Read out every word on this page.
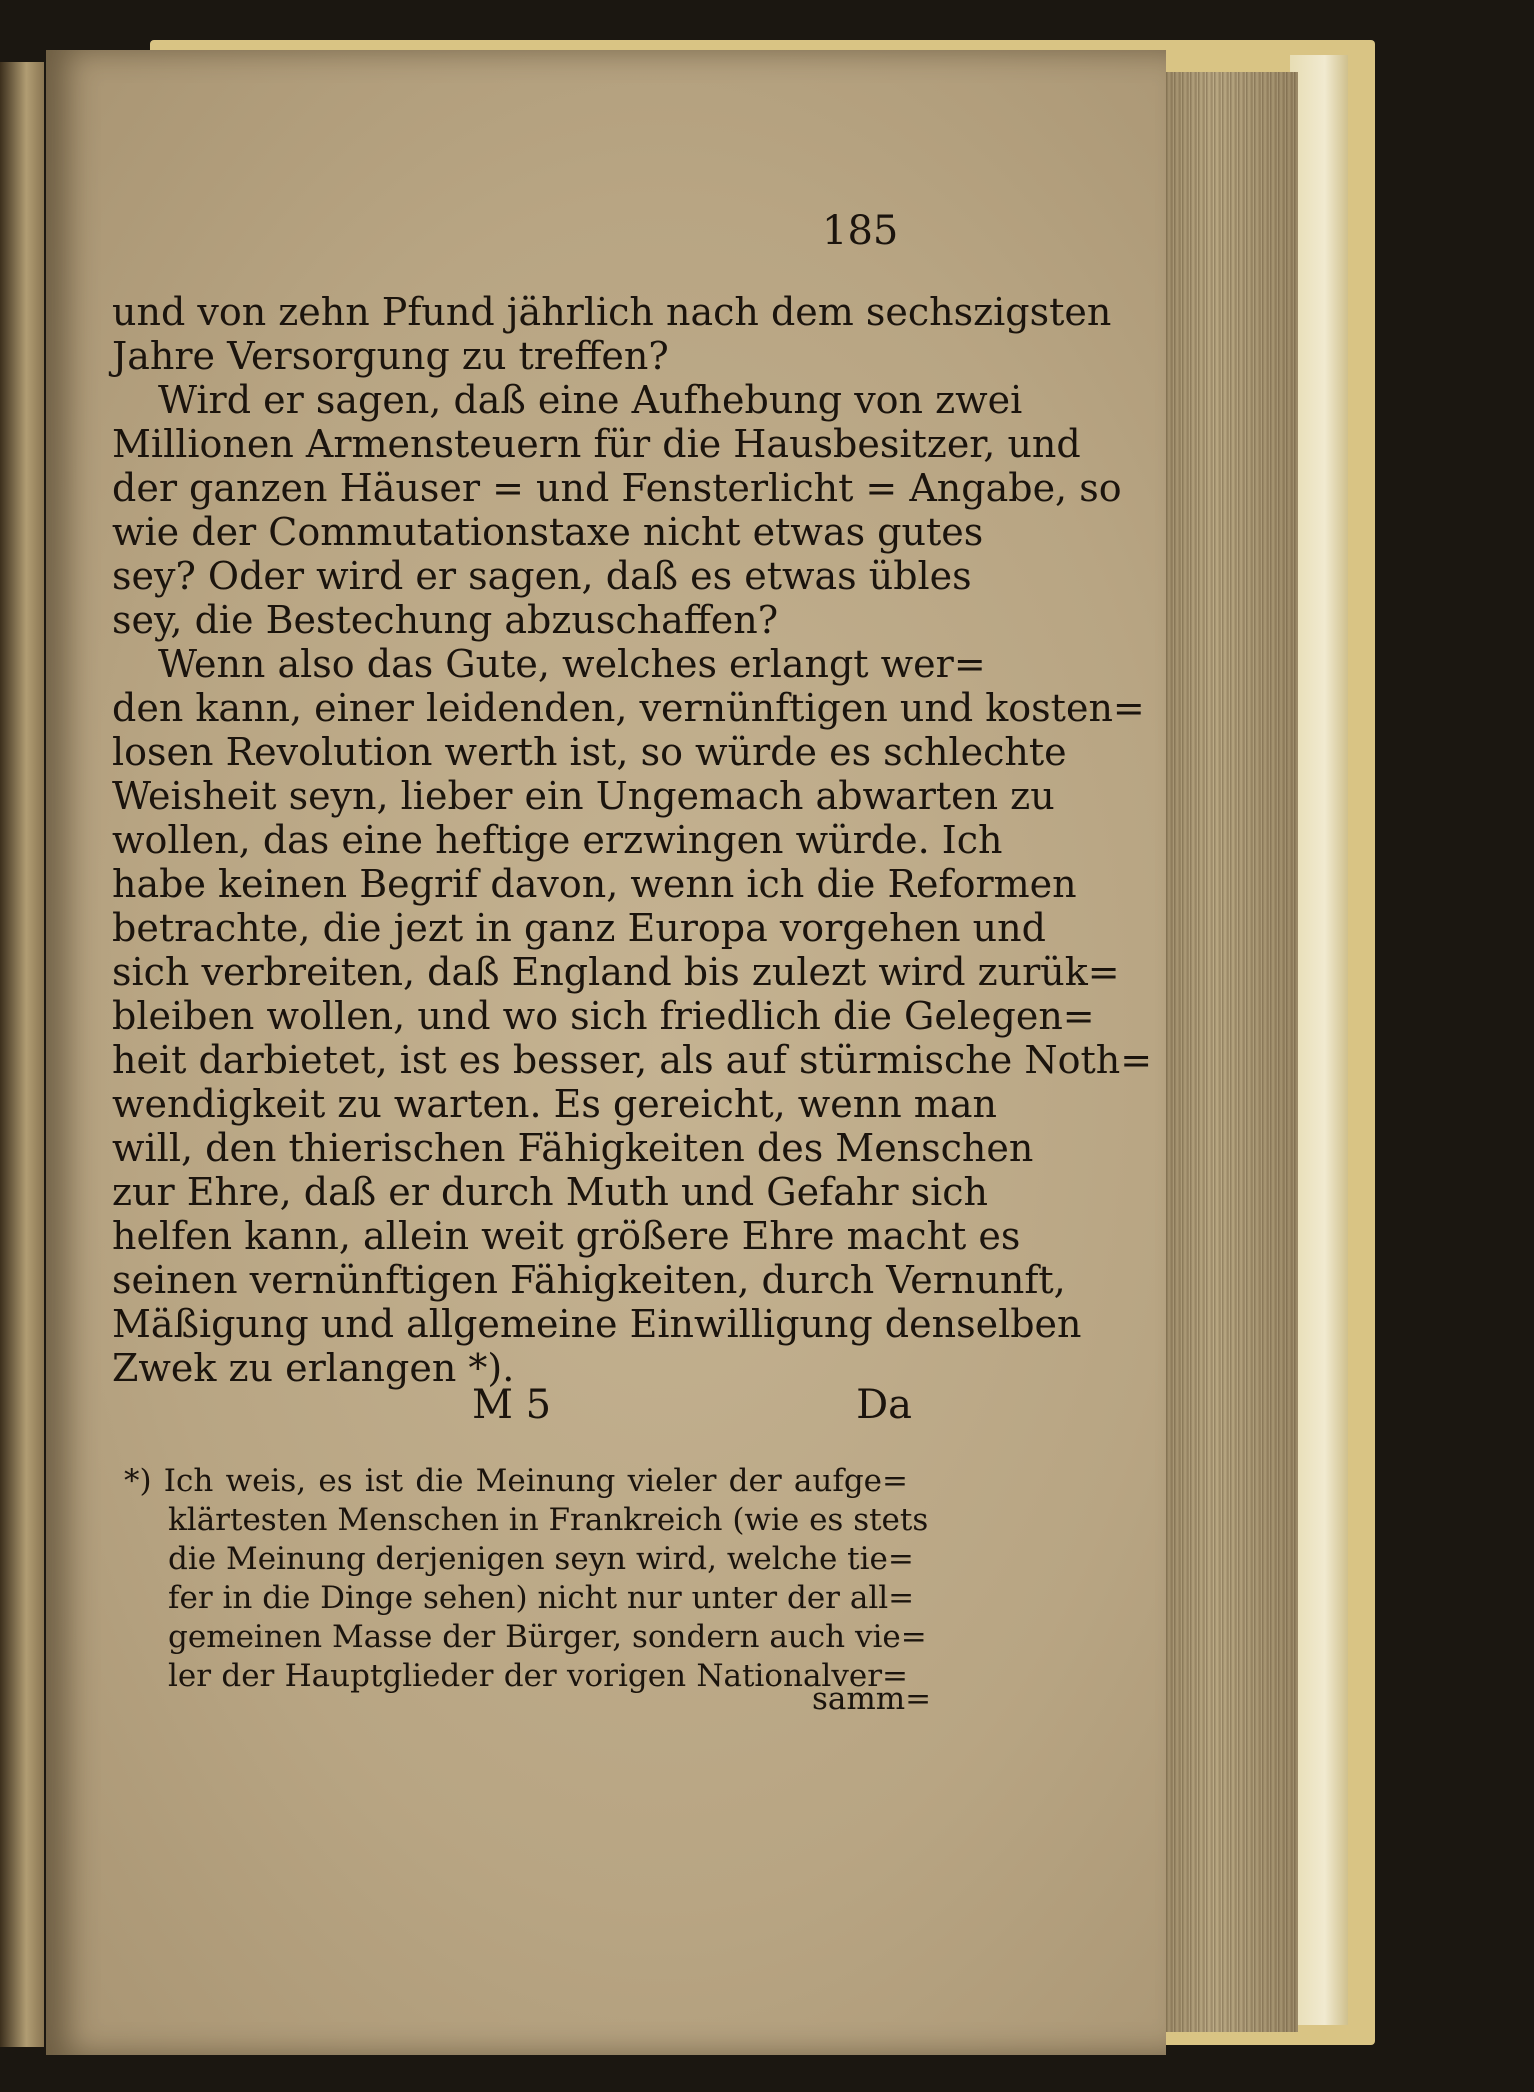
185
und von zehn Pfund jährlich nach dem sechszigsten
Jahre Versorgung zu treffen?
Wird er sagen, daß eine Aufhebung von zwei
Millionen Armensteuern für die Hausbesitzer, und
der ganzen Häuser = und Fensterlicht = Angabe, so
wie der Commutationstaxe nicht etwas gutes
sey? Oder wird er sagen, daß es etwas übles
sey, die Bestechung abzuschaffen?
Wenn also das Gute, welches erlangt wer=
den kann, einer leidenden, vernünftigen und kosten=
losen Revolution werth ist, so würde es schlechte
Weisheit seyn, lieber ein Ungemach abwarten zu
wollen, das eine heftige erzwingen würde. Ich
habe keinen Begrif davon, wenn ich die Reformen
betrachte, die jezt in ganz Europa vorgehen und
sich verbreiten, daß England bis zulezt wird zurük=
bleiben wollen, und wo sich friedlich die Gelegen=
heit darbietet, ist es besser, als auf stürmische Noth=
wendigkeit zu warten. Es gereicht, wenn man
will, den thierischen Fähigkeiten des Menschen
zur Ehre, daß er durch Muth und Gefahr sich
helfen kann, allein weit größere Ehre macht es
seinen vernünftigen Fähigkeiten, durch Vernunft,
Mäßigung und allgemeine Einwilligung denselben
Zwek zu erlangen *).
M 5	Da
*) Ich weis, es ist die Meinung vieler der aufge=
klärtesten Menschen in Frankreich (wie es stets
die Meinung derjenigen seyn wird, welche tie=
fer in die Dinge sehen) nicht nur unter der all=
gemeinen Masse der Bürger, sondern auch vie=
ler der Hauptglieder der vorigen Nationalver=
samm=
